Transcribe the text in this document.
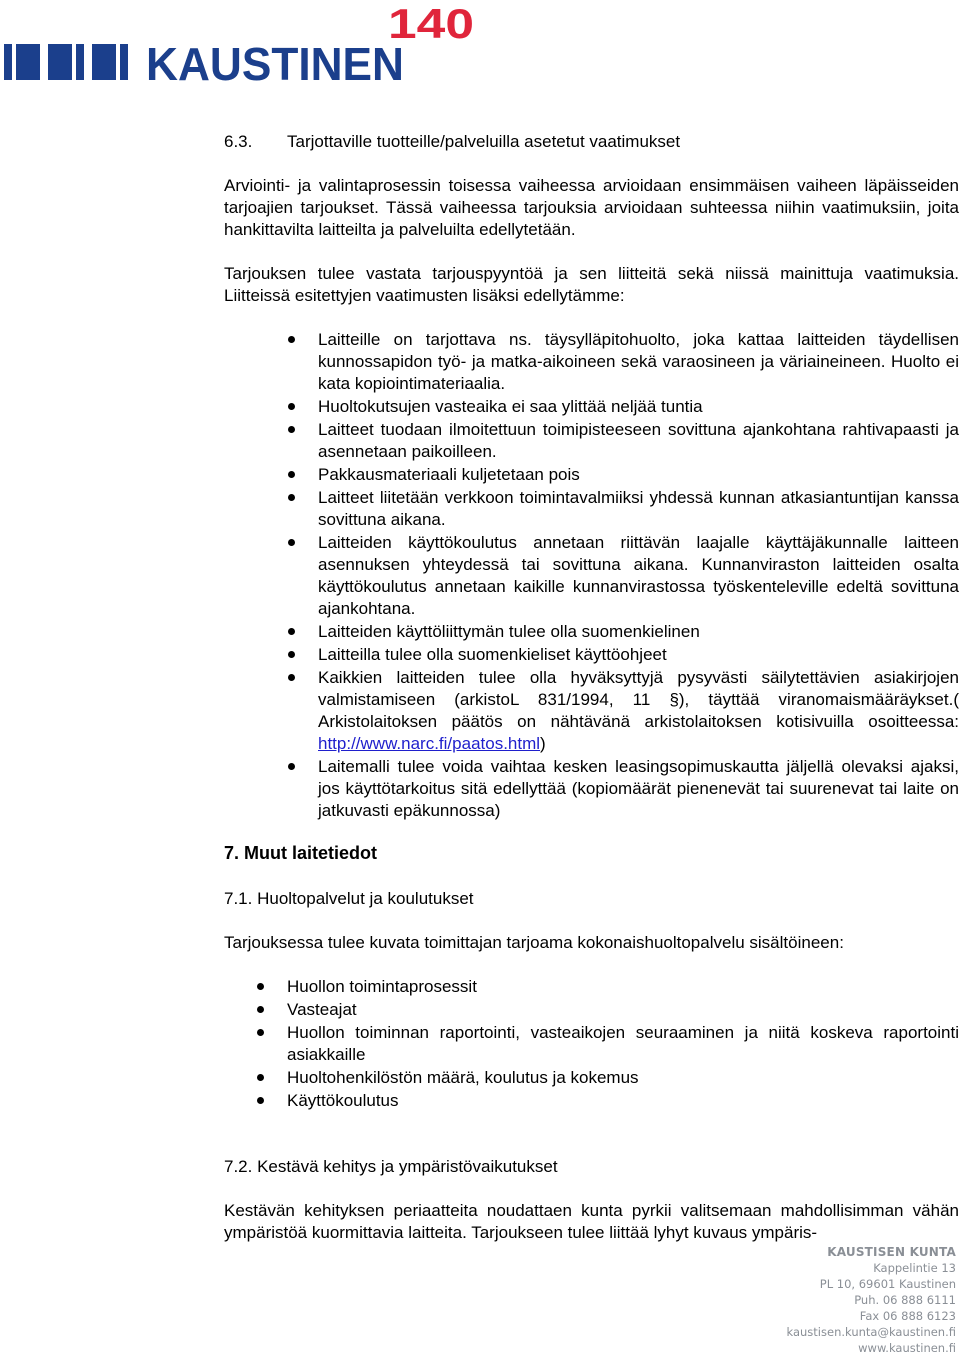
KAUSTINEN
140

6.3.	Tarjottaville tuotteille/palveluilla asetetut vaatimukset

Arviointi- ja valintaprosessin toisessa vaiheessa arvioidaan ensimmäisen vaiheen läpäisseiden tarjoajien tarjoukset. Tässä vaiheessa tarjouksia arvioidaan suhteessa niihin vaatimuksiin, joita hankittavilta laitteilta ja palveluilta edellytetään.

Tarjouksen tulee vastata tarjouspyyntöä ja sen liitteitä sekä niissä mainittuja vaatimuksia. Liitteissä esitettyjen vaatimusten lisäksi edellytämme:

Laitteille on tarjottava ns. täysylläpitohuolto, joka kattaa laitteiden täydellisen kunnossapidon työ- ja matka-aikoineen sekä varaosineen ja väriaineineen. Huolto ei kata kopiointimateriaalia.
Huoltokutsujen vasteaika ei saa ylittää neljää tuntia
Laitteet tuodaan ilmoitettuun toimipisteeseen sovittuna ajankohtana rahtivapaasti ja asennetaan paikoilleen.
Pakkausmateriaali kuljetetaan pois
Laitteet liitetään verkkoon toimintavalmiiksi yhdessä kunnan atkasiantuntijan kanssa sovittuna aikana.
Laitteiden käyttökoulutus annetaan riittävän laajalle käyttäjäkunnalle laitteen asennuksen yhteydessä tai sovittuna aikana. Kunnanviraston laitteiden osalta käyttökoulutus annetaan kaikille kunnanvirastossa työskenteleville edeltä sovittuna ajankohtana.
Laitteiden käyttöliittymän tulee olla suomenkielinen
Laitteilla tulee olla suomenkieliset käyttöohjeet
Kaikkien laitteiden tulee olla hyväksyttyjä pysyvästi säilytettävien asiakirjojen valmistamiseen (arkistoL 831/1994, 11 §), täyttää viranomaismääräykset.( Arkistolaitoksen päätös on nähtävänä arkistolaitoksen kotisivuilla osoitteessa: http://www.narc.fi/paatos.html)
Laitemalli tulee voida vaihtaa kesken leasingsopimuskautta jäljellä olevaksi ajaksi, jos käyttötarkoitus sitä edellyttää (kopiomäärät pienenevät tai suurenevat tai laite on jatkuvasti epäkunnossa)

7. Muut laitetiedot

7.1. Huoltopalvelut ja koulutukset

Tarjouksessa tulee kuvata toimittajan tarjoama kokonaishuoltopalvelu sisältöineen:

Huollon toimintaprosessit
Vasteajat
Huollon toiminnan raportointi, vasteaikojen seuraaminen ja niitä koskeva raportointi asiakkaille
Huoltohenkilöstön määrä, koulutus ja kokemus
Käyttökoulutus

7.2. Kestävä kehitys ja ympäristövaikutukset

Kestävän kehityksen periaatteita noudattaen kunta pyrkii valitsemaan mahdollisimman vähän ympäristöä kuormittavia laitteita. Tarjoukseen tulee liittää lyhyt kuvaus ympäris-

KAUSTISEN KUNTA
Kappelintie 13
PL 10, 69601 Kaustinen
Puh. 06 888 6111
Fax 06 888 6123
kaustisen.kunta@kaustinen.fi
www.kaustinen.fi
